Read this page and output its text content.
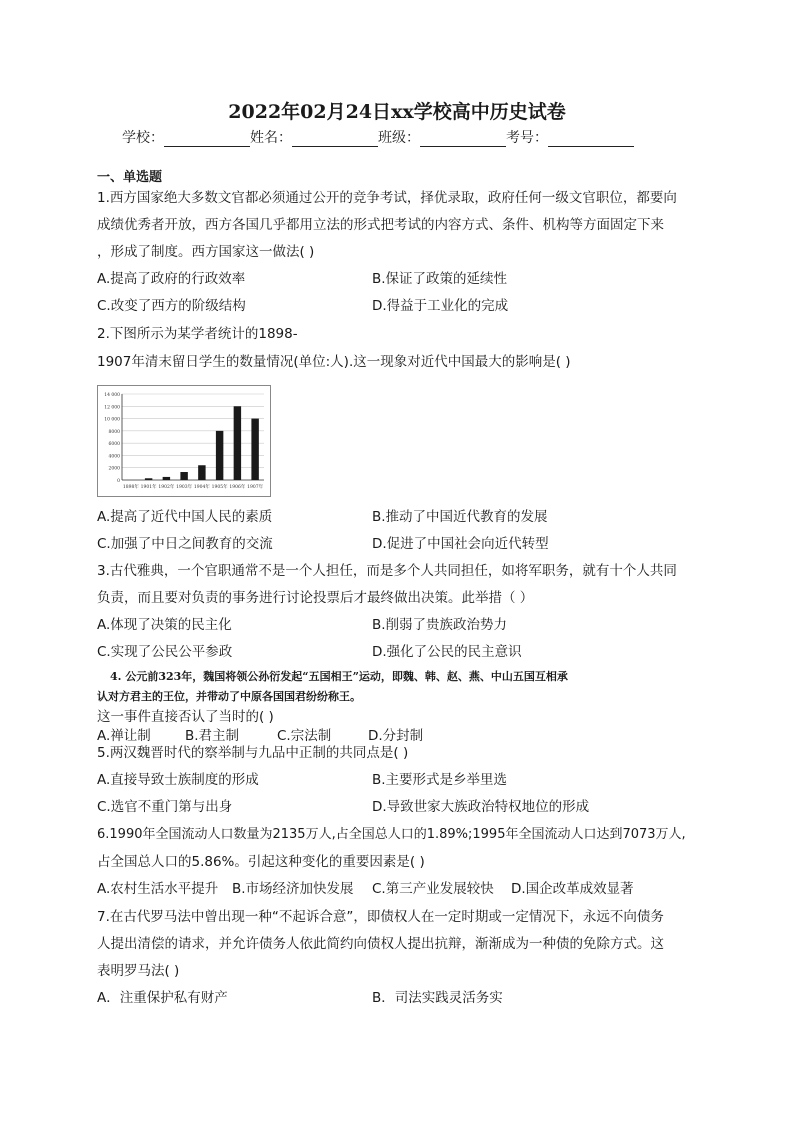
2022年02月24日xx学校高中历史试卷
学校：	姓名：	班级：	考号：
一、单选题
1.西方国家绝大多数文官都必须通过公开的竞争考试，择优录取，政府任何一级文官职位，都要向
成绩优秀者开放，西方各国几乎都用立法的形式把考试的内容方式、条件、机构等方面固定下来
，形成了制度。西方国家这一做法( )
A.提高了政府的行政效率	B.保证了政策的延续性
C.改变了西方的阶级结构	D.得益于工业化的完成
2.下图所示为某学者统计的1898-
1907年清末留日学生的数量情况(单位:人).这一现象对近代中国最大的影响是( )
14 000
12 000
10 000
8000
6000
4000
2000
0
1898年 1901年 1902年 1903年 1904年 1905年 1906年 1907年
A.提高了近代中国人民的素质	B.推动了中国近代教育的发展
C.加强了中日之间教育的交流	D.促进了中国社会向近代转型
3.古代雅典，一个官职通常不是一个人担任，而是多个人共同担任，如将军职务，就有十个人共同
负责，而且要对负责的事务进行讨论投票后才最终做出决策。此举措（ ）
A.体现了决策的民主化	B.削弱了贵族政治势力
C.实现了公民公平参政	D.强化了公民的民主意识
4. 公元前323年，魏国将领公孙衍发起“五国相王”运动，即魏、韩、赵、燕、中山五国互相承
认对方君主的王位，并带动了中原各国国君纷纷称王。
这一事件直接否认了当时的( )
A.禅让制	B.君主制	C.宗法制	D.分封制
5.两汉魏晋时代的察举制与九品中正制的共同点是( )
A.直接导致士族制度的形成	B.主要形式是乡举里选
C.选官不重门第与出身	D.导致世家大族政治特权地位的形成
6.1990年全国流动人口数量为2135万人,占全国总人口的1.89%;1995年全国流动人口达到7073万人,
占全国总人口的5.86%。引起这种变化的重要因素是( )
A.农村生活水平提升 B.市场经济加快发展 C.第三产业发展较快 D.国企改革成效显著
7.在古代罗马法中曾出现一种“不起诉合意”，即债权人在一定时期或一定情况下，永远不向债务
人提出清偿的请求，并允许债务人依此简约向债权人提出抗辩，渐渐成为一种债的免除方式。这
表明罗马法( )
A．注重保护私有财产	B．司法实践灵活务实
